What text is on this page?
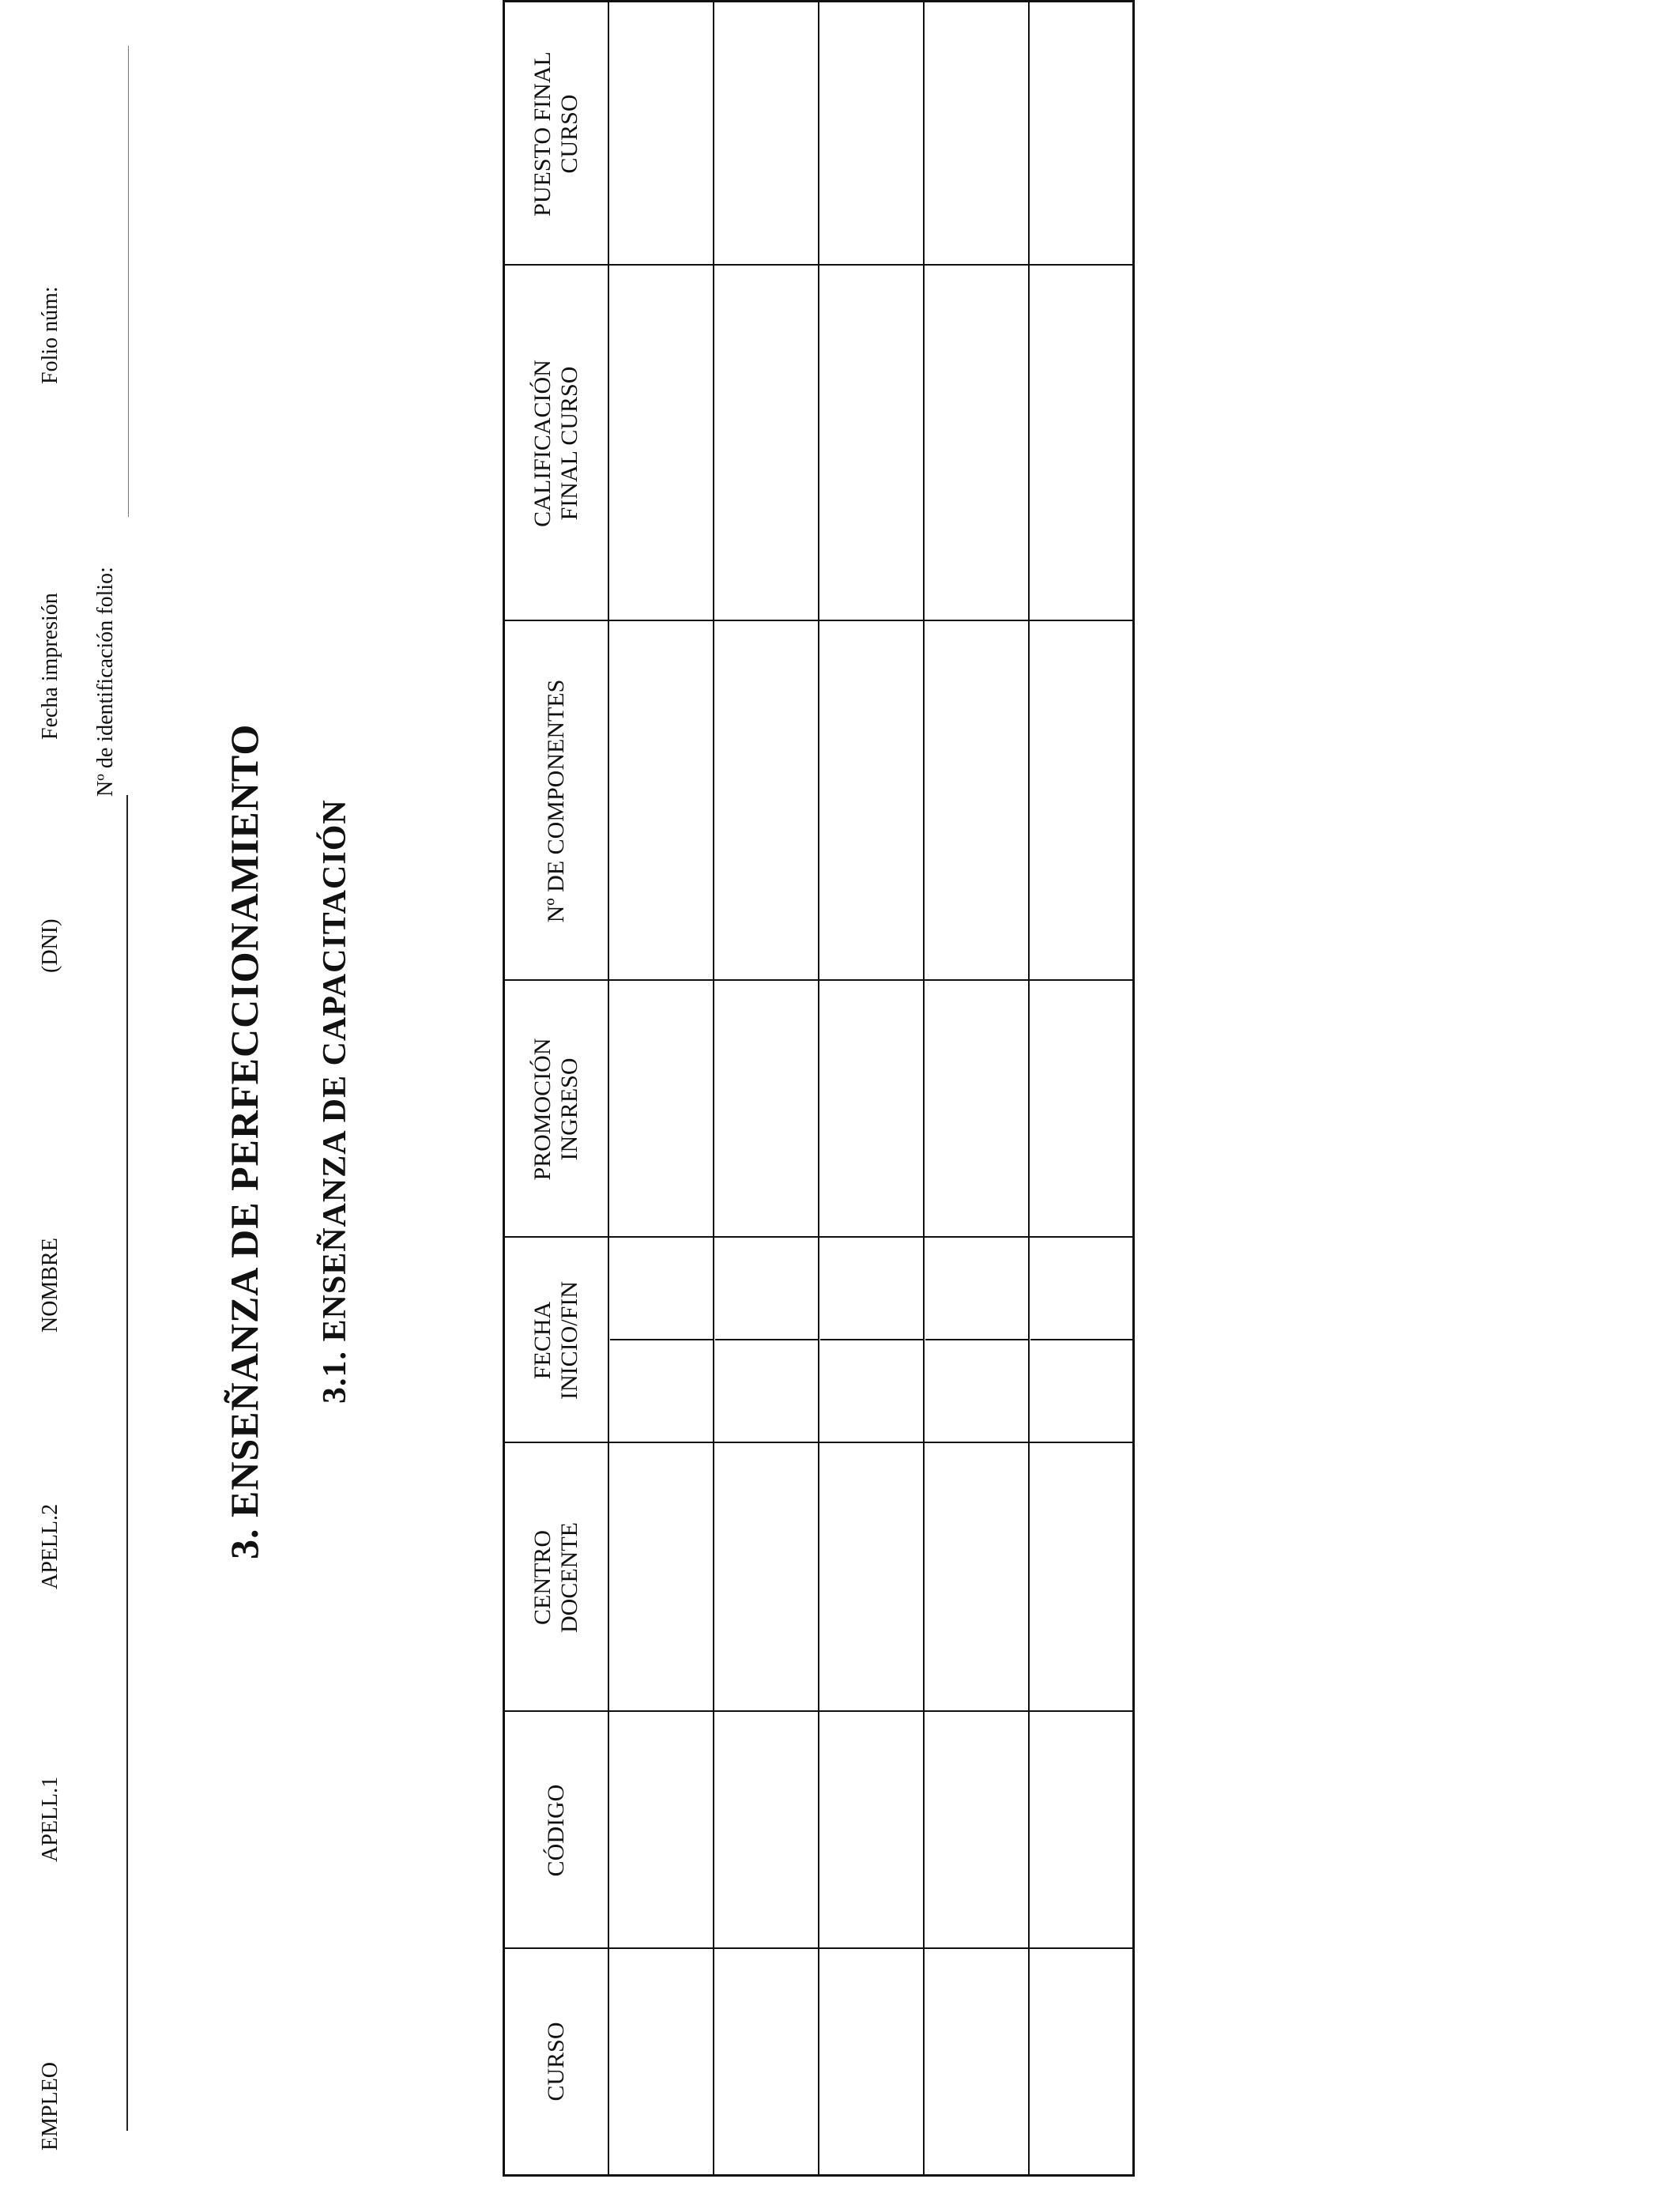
EMPLEO
APELL.1
APELL.2
NOMBRE
(DNI)
Fecha impresión
Folio núm:
Nº de identificación folio:
3. ENSEÑANZA DE PERFECCIONAMIENTO 3.1. ENSEÑANZA DE CAPACITACIÓN
CURSO
CÓDIGO
CENTRO DOCENTE
FECHA INICIO/FIN
PROMOCIÓN INGRESO
Nº DE COMPONENTES
CALIFICACIÓN FINAL CURSO
PUESTO FINAL CURSO
